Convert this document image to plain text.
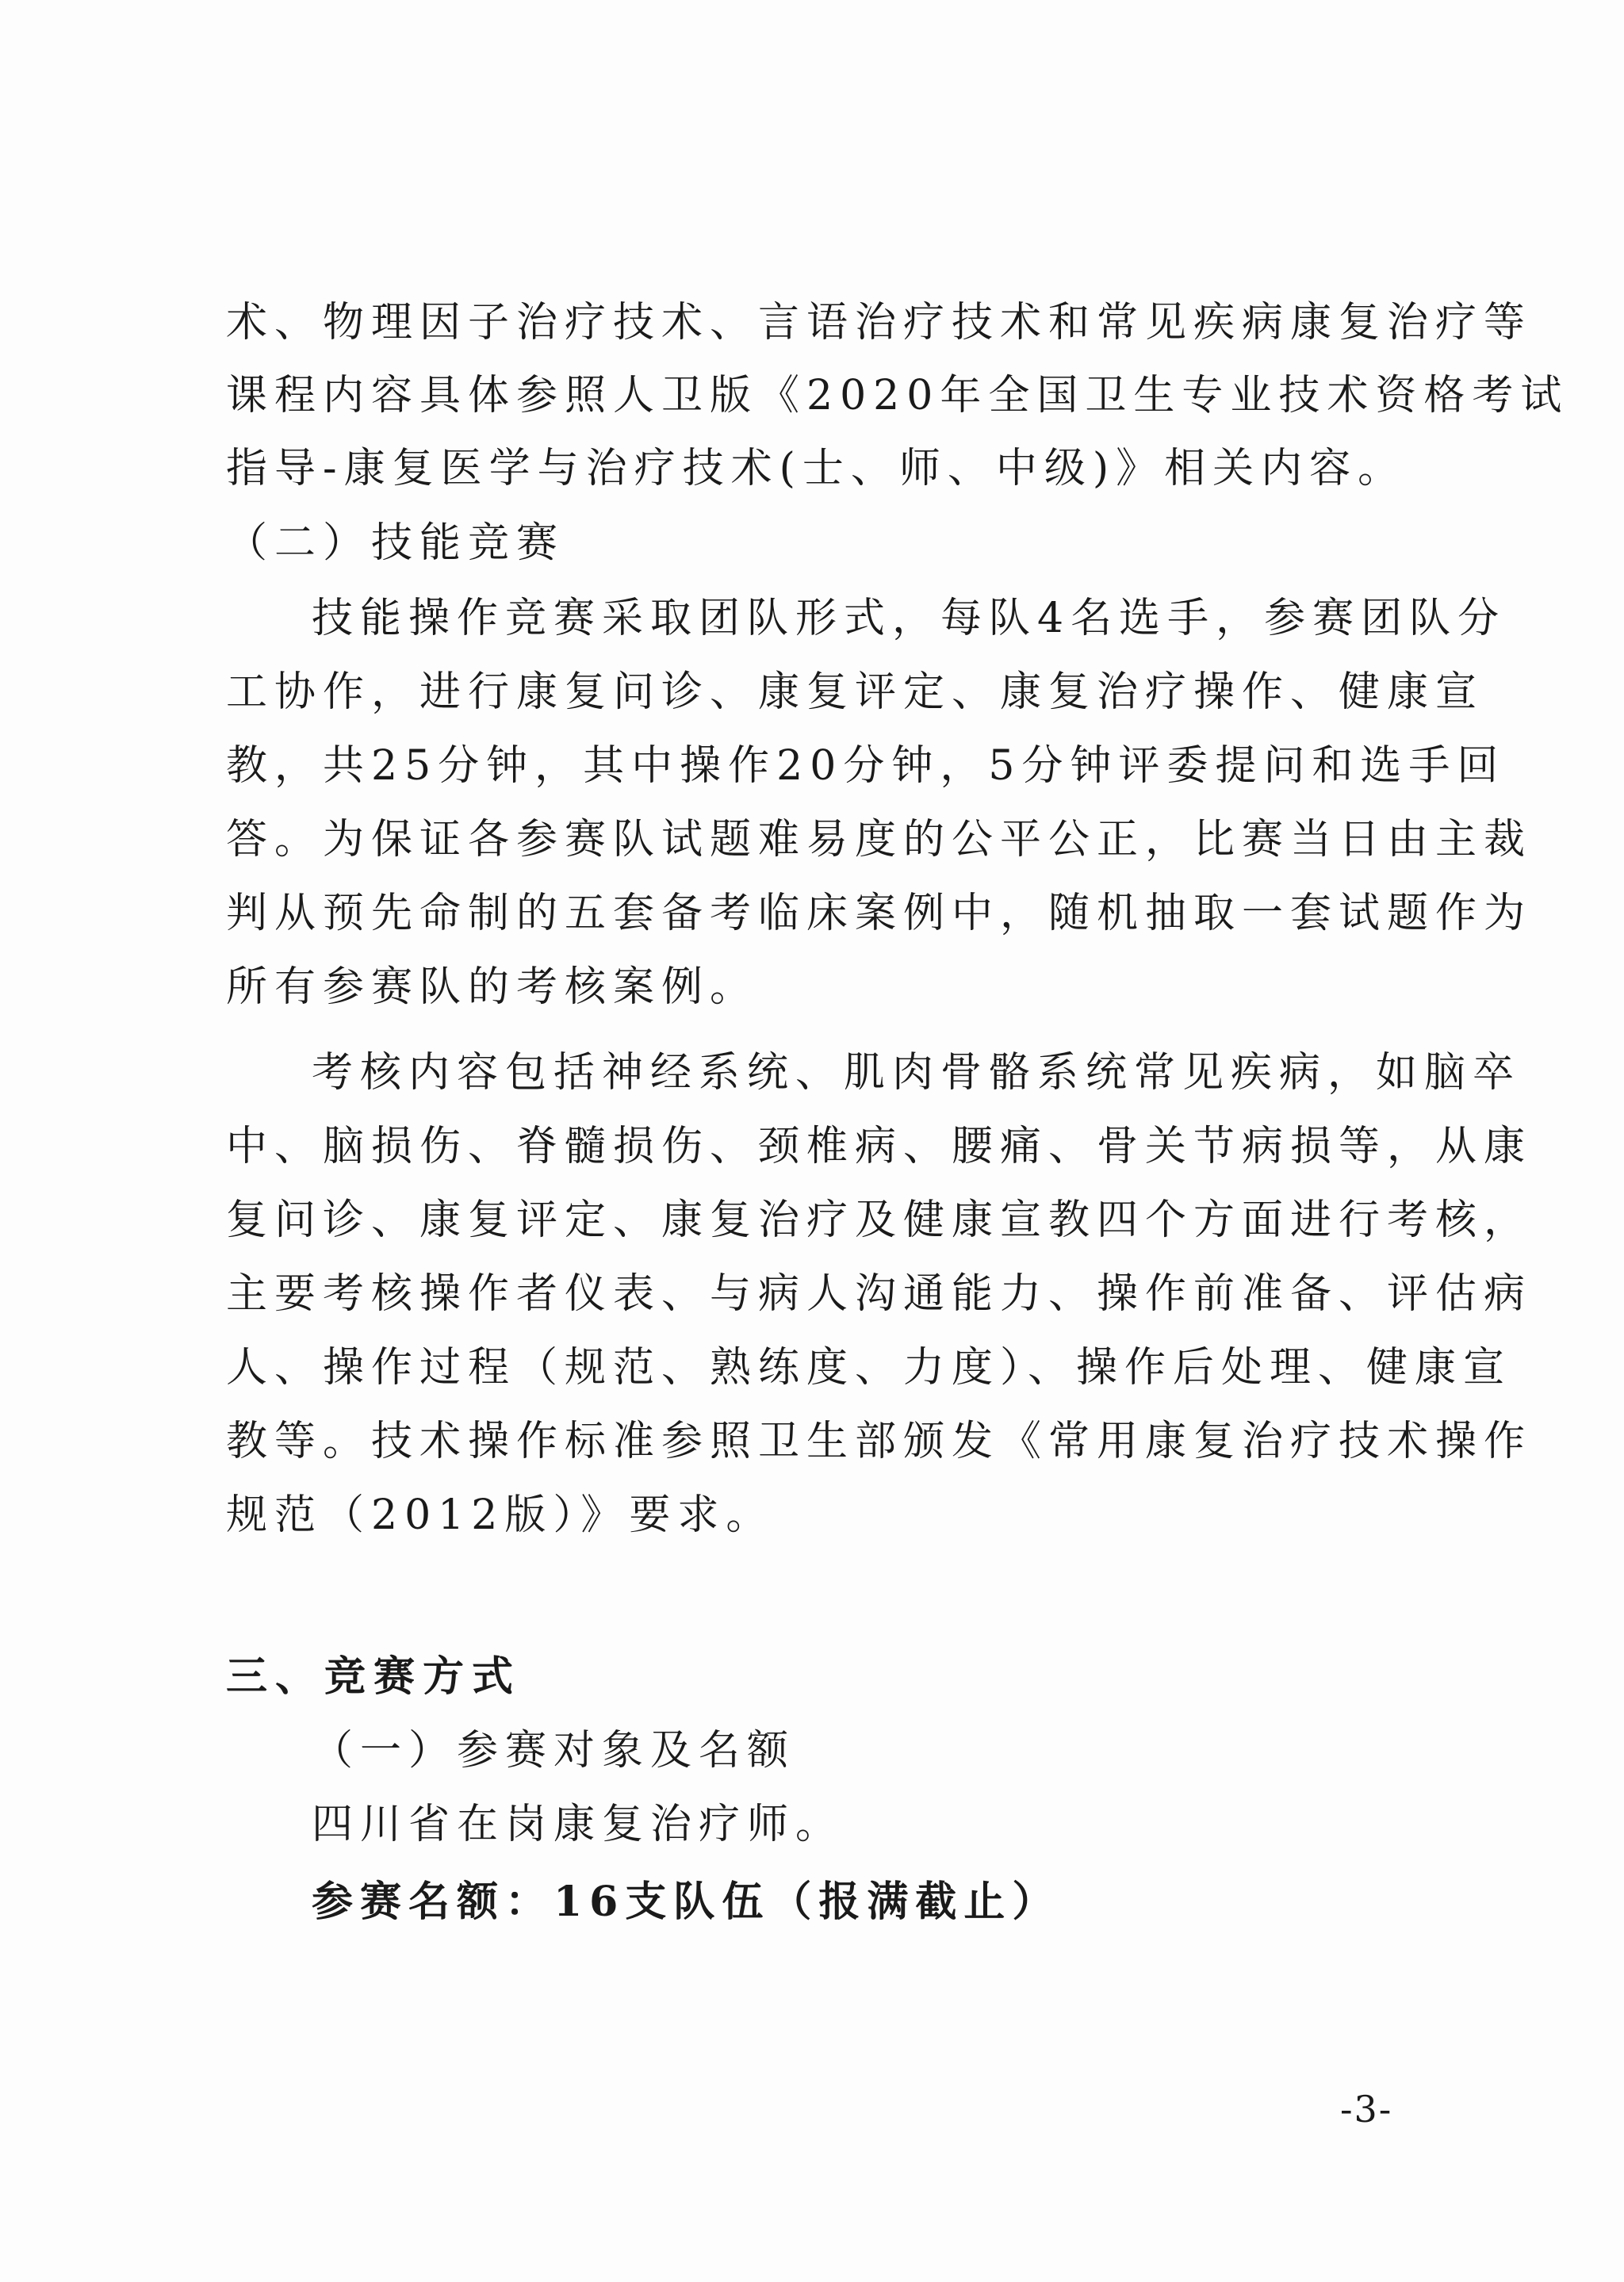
术、物理因子治疗技术、言语治疗技术和常见疾病康复治疗等
课程内容具体参照人卫版《2020年全国卫生专业技术资格考试
指导-康复医学与治疗技术(士、师、中级)》相关内容。
（二）技能竞赛
技能操作竞赛采取团队形式，每队4名选手，参赛团队分
工协作，进行康复问诊、康复评定、康复治疗操作、健康宣
教，共25分钟，其中操作20分钟，5分钟评委提问和选手回
答。为保证各参赛队试题难易度的公平公正，比赛当日由主裁
判从预先命制的五套备考临床案例中，随机抽取一套试题作为
所有参赛队的考核案例。
考核内容包括神经系统、肌肉骨骼系统常见疾病，如脑卒
中、脑损伤、脊髓损伤、颈椎病、腰痛、骨关节病损等，从康
复问诊、康复评定、康复治疗及健康宣教四个方面进行考核，
主要考核操作者仪表、与病人沟通能力、操作前准备、评估病
人、操作过程（规范、熟练度、力度）、操作后处理、健康宣
教等。技术操作标准参照卫生部颁发《常用康复治疗技术操作
规范（2012版）》要求。
三、竞赛方式
（一）参赛对象及名额
四川省在岗康复治疗师。
参赛名额：16支队伍（报满截止）
-3-
